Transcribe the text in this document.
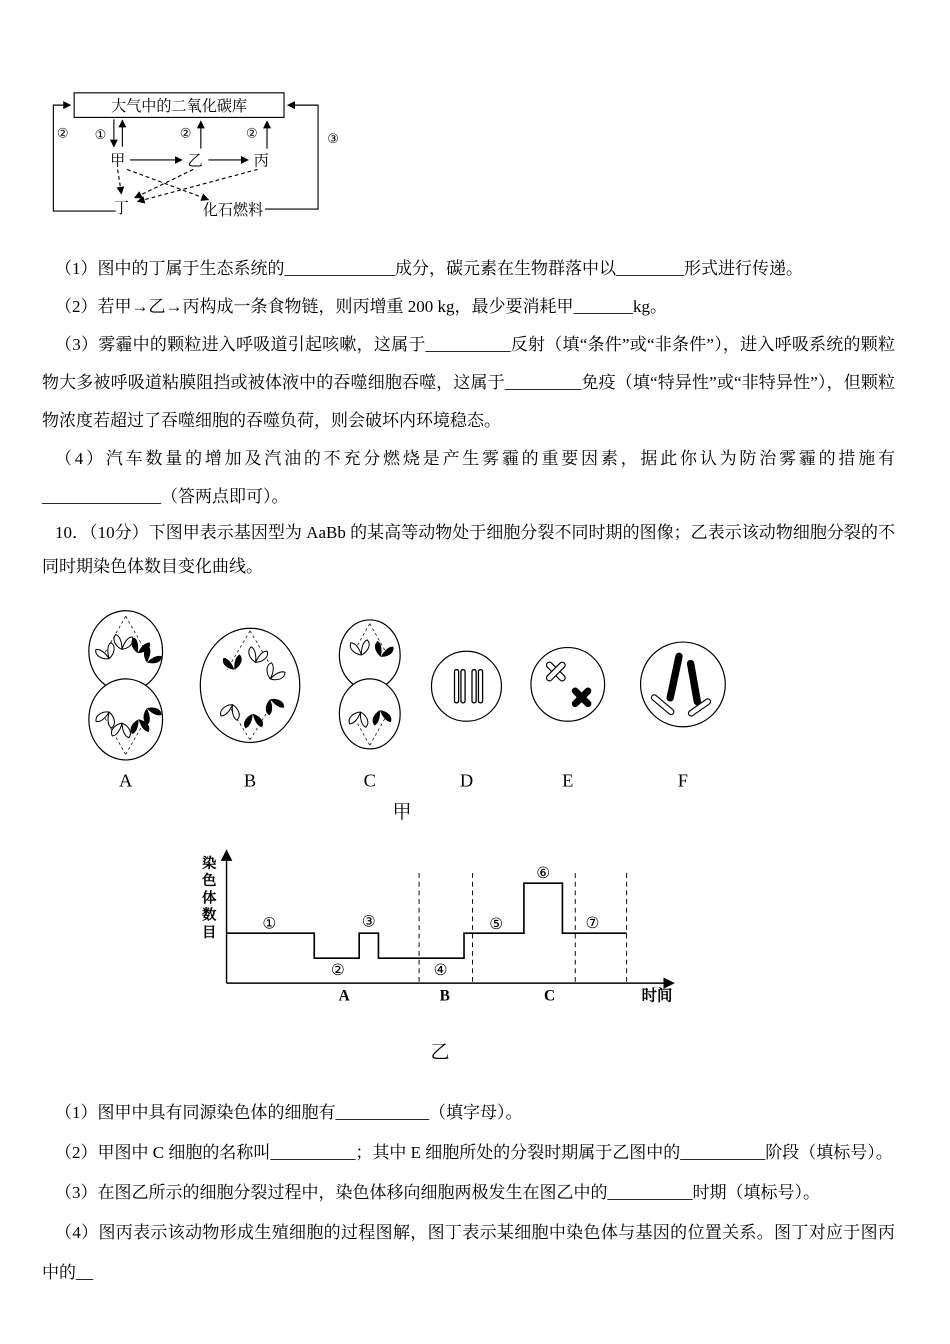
大气中的二氧化碳库
甲	乙	丙
丁	化石燃料
② ①	②	②	③

（1）图中的丁属于生态系统的_____________成分，碳元素在生物群落中以________形式进行传递。

（2）若甲→乙→丙构成一条食物链，则丙增重 200 kg，最少要消耗甲_______kg。

（3）雾霾中的颗粒进入呼吸道引起咳嗽，这属于__________反射（填“条件”或“非条件”），进入呼吸系统的颗粒物大多被呼吸道粘膜阻挡或被体液中的吞噬细胞吞噬，这属于_________免疫（填“特异性”或“非特异性”），但颗粒物浓度若超过了吞噬细胞的吞噬负荷，则会破坏内环境稳态。

（4）汽车数量的增加及汽油的不充分燃烧是产生雾霾的重要因素，据此你认为防治雾霾的措施有______________（答两点即可）。

10．（10分）下图甲表示基因型为 AaBb 的某高等动物处于细胞分裂不同时期的图像；乙表示该动物细胞分裂的不同时期染色体数目变化曲线。

A	B	C	D	E	F
甲
①
②
③
④
⑤
⑥
⑦
A	B	C
染
色
体
数
目
时间
乙

（1）图甲中具有同源染色体的细胞有___________（填字母）。

（2）甲图中 C 细胞的名称叫__________；其中 E 细胞所处的分裂时期属于乙图中的__________阶段（填标号）。

（3）在图乙所示的细胞分裂过程中，染色体移向细胞两极发生在图乙中的__________时期（填标号）。

（4）图丙表示该动物形成生殖细胞的过程图解，图丁表示某细胞中染色体与基因的位置关系。图丁对应于图丙中的__
